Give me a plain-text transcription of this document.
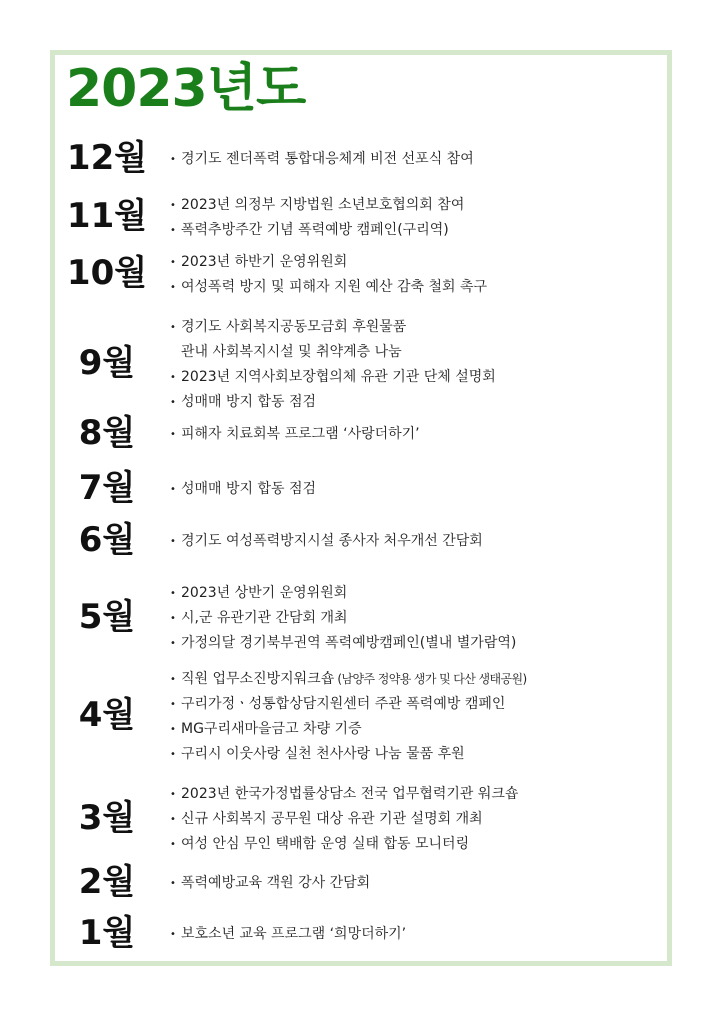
2023년도
12월	• 경기도 젠더폭력 통합대응체계 비전 선포식 참여
11월	• 2023년 의정부 지방법원 소년보호협의회 참여
• 폭력추방주간 기념 폭력예방 캠페인(구리역)
10월	• 2023년 하반기 운영위원회
• 여성폭력 방지 및 피해자 지원 예산 감축 철회 촉구
9월
• 경기도 사회복지공동모금회 후원물품
관내 사회복지시설 및 취약계층 나눔
• 2023년 지역사회보장협의체 유관 기관 단체 설명회
• 성매매 방지 합동 점검
8월	• 피해자 치료회복 프로그램 ‘사랑더하기’
7월	• 성매매 방지 합동 점검
6월	• 경기도 여성폭력방지시설 종사자 처우개선 간담회
5월
• 2023년 상반기 운영위원회
• 시,군 유관기관 간담회 개최
• 가정의달 경기북부권역 폭력예방캠페인(별내 별가람역)
4월
• 직원 업무소진방지워크숍 (남양주 정약용 생가 및 다산 생태공원)
• 구리가정ㆍ성통합상담지원센터 주관 폭력예방 캠페인
• MG구리새마을금고 차량 기증
• 구리시 이웃사랑 실천 천사사랑 나눔 물품 후원
3월
• 2023년 한국가정법률상담소 전국 업무협력기관 워크숍
• 신규 사회복지 공무원 대상 유관 기관 설명회 개최
• 여성 안심 무인 택배함 운영 실태 합동 모니터링
2월	• 폭력예방교육 객원 강사 간담회
1월	• 보호소년 교육 프로그램 ‘희망더하기’
